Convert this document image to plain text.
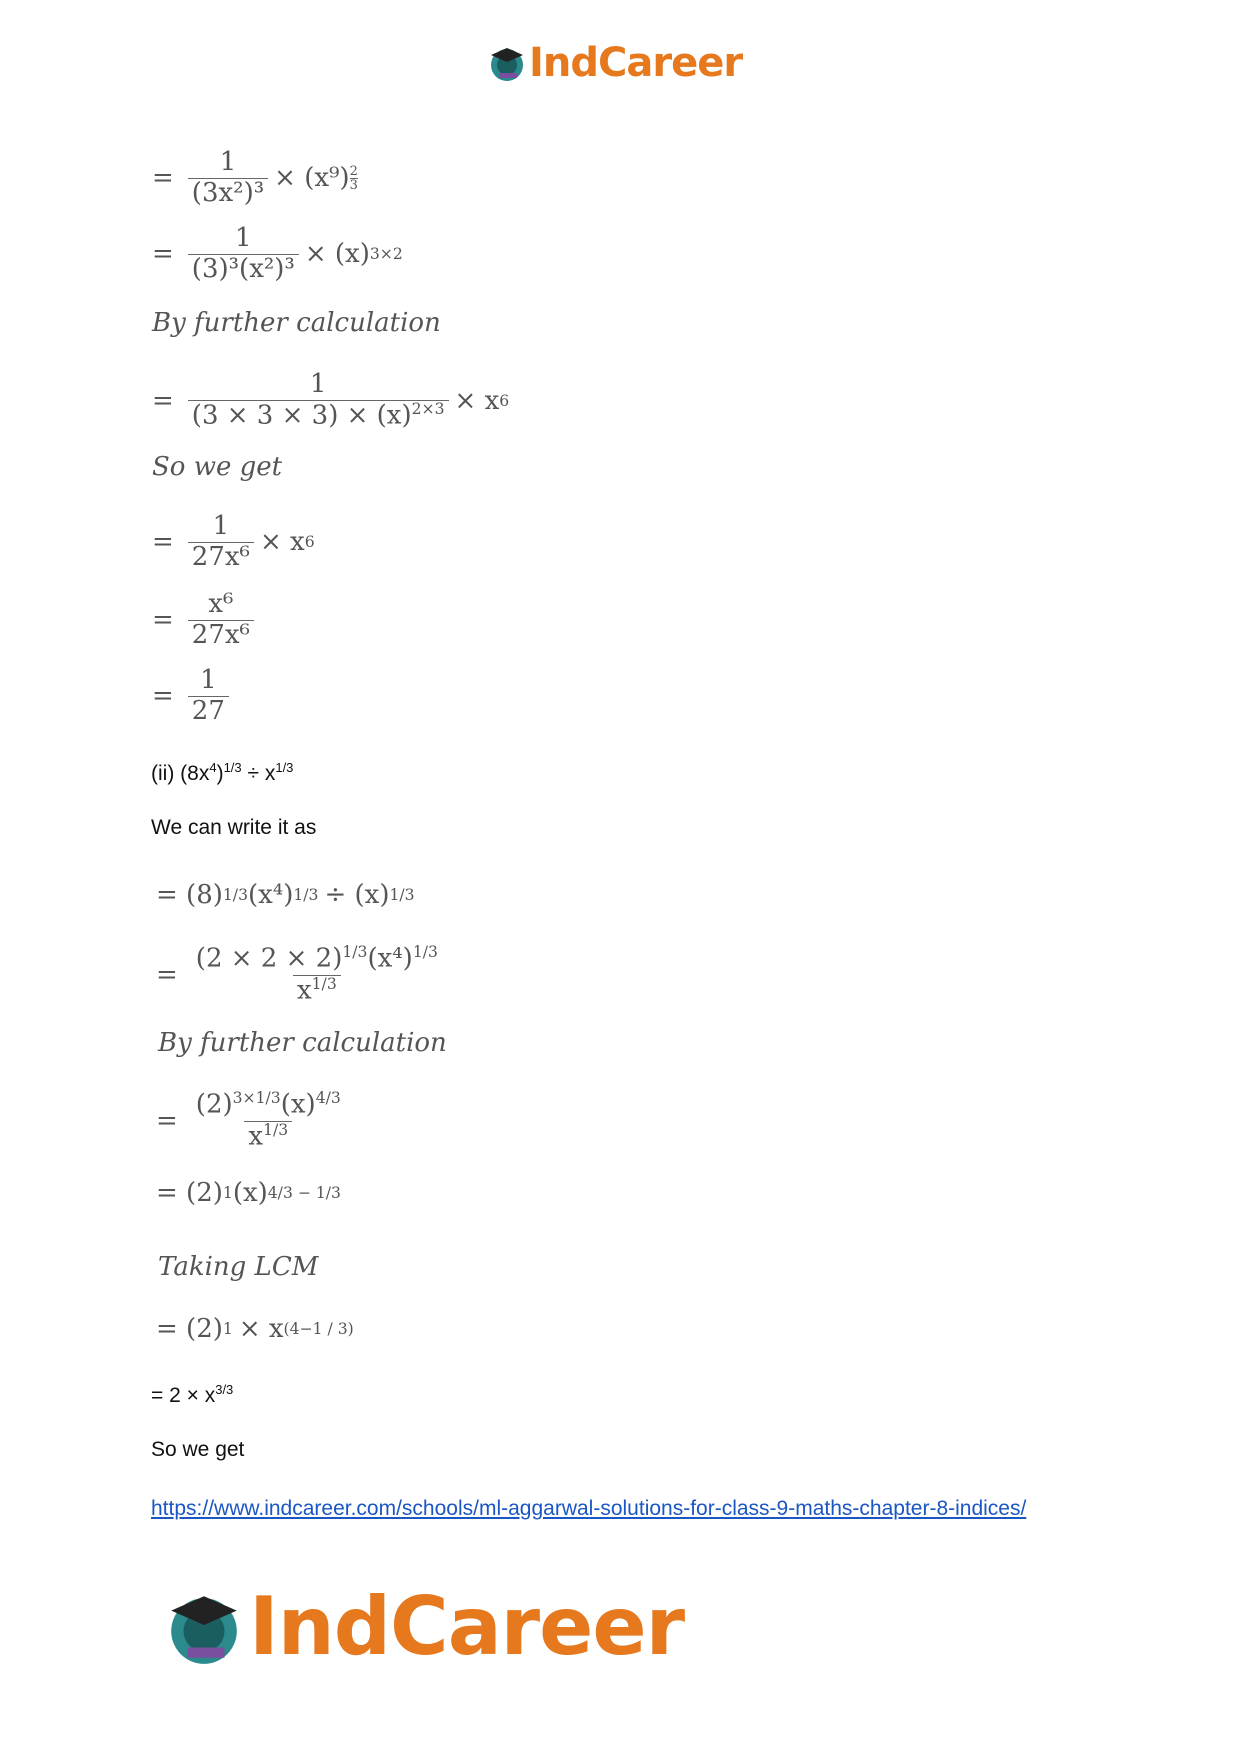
IndCareer
= $\frac{1}{\text{(3x²)³}} \times (x^9)$ 2
3
= $\frac{1}{\text{(3)³(x²)³}} \times (x)$ 3×2
By further calculation
= $\frac{1}{(3 \times 3 \times 3) \times (x)^{2\times 3}} \times x$ 6
So we get
= $\frac{1}{\text{27x⁶}} \times x$ 6
= $\frac{\text{x⁶}}{\text{27x⁶}}$
= $\frac{1}{27}$
(ii) $(8x^4)^{1/3} \div x^{1/3}$
We can write it as
= (8) 1/3 (x⁴) 1/3 ÷ (x) 1/3
= $\frac{(2 \times 2 \times 2)^{1/3}(x^4)^{1/3}}{x^{1/3}}$
By further calculation
= $\frac{(2)^{3\times 1/3}(x)^{4/3}}{x^{1/3}}$
= (2) 1 (x) 4/3 − 1/3
Taking LCM
= (2) 1 × x (4−1 / 3)
= $2 \times x^{3/3}$
So we get
https://www.indcareer.com/schools/ml-aggarwal-solutions-for-class-9-maths-chapter-8-indices/
IndCareer
